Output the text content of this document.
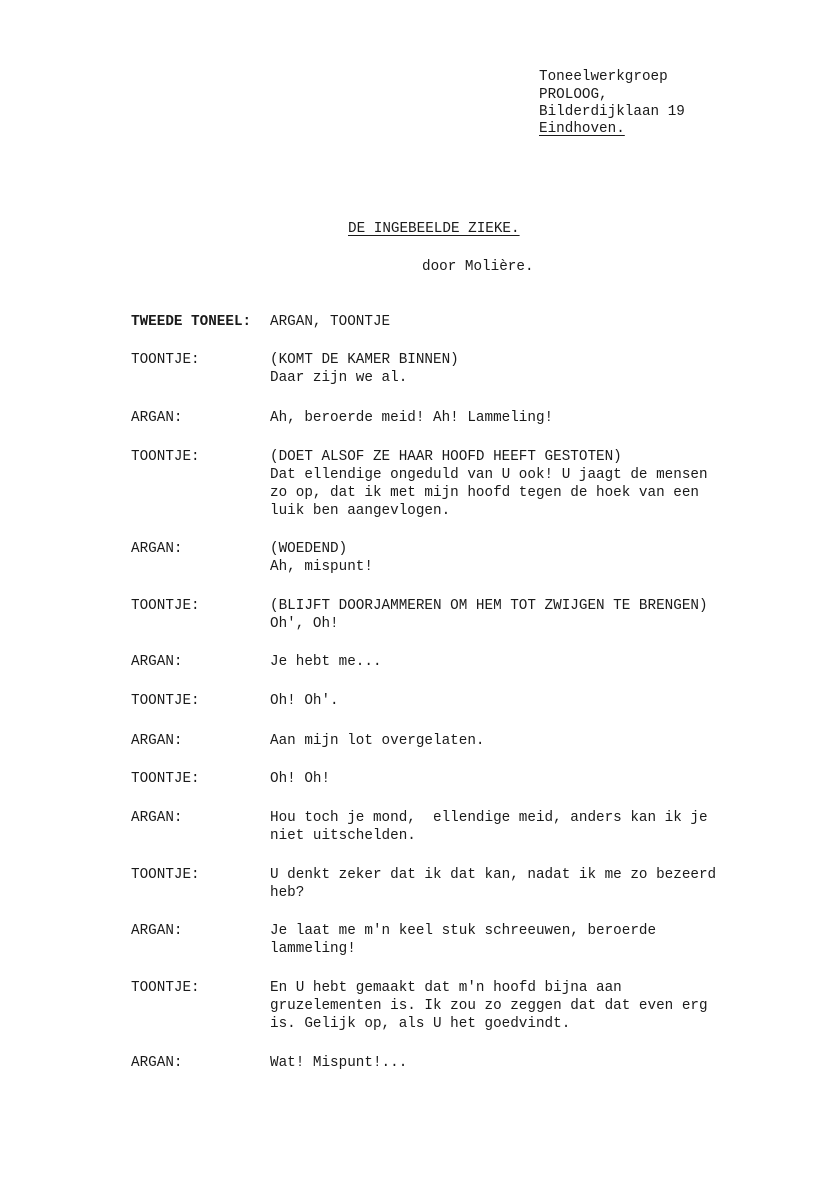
Toneelwerkgroep
PROLOOG,
Bilderdijklaan 19
Eindhoven.
DE INGEBEELDE ZIEKE.
door Molière.
TWEEDE TONEEL: ARGAN, TOONTJE
TOONTJE:	(KOMT DE KAMER BINNEN)
Daar zijn we al.
ARGAN:	Ah, beroerde meid! Ah! Lammeling!
TOONTJE:	(DOET ALSOF ZE HAAR HOOFD HEEFT GESTOTEN)
Dat ellendige ongeduld van U ook! U jaagt de mensen
zo op, dat ik met mijn hoofd tegen de hoek van een
luik ben aangevlogen.
ARGAN:	(WOEDEND)
Ah, mispunt!
TOONTJE:	(BLIJFT DOORJAMMEREN OM HEM TOT ZWIJGEN TE BRENGEN)
Oh', Oh!
ARGAN:	Je hebt me...
TOONTJE:	Oh! Oh'.
ARGAN:	Aan mijn lot overgelaten.
TOONTJE:	Oh! Oh!
ARGAN:	Hou toch je mond,  ellendige meid, anders kan ik je
niet uitschelden.
TOONTJE:	U denkt zeker dat ik dat kan, nadat ik me zo bezeerd
heb?
ARGAN:	Je laat me m'n keel stuk schreeuwen, beroerde
lammeling!
TOONTJE:	En U hebt gemaakt dat m'n hoofd bijna aan
gruzelementen is. Ik zou zo zeggen dat dat even erg
is. Gelijk op, als U het goedvindt.
ARGAN:	Wat! Mispunt!...
